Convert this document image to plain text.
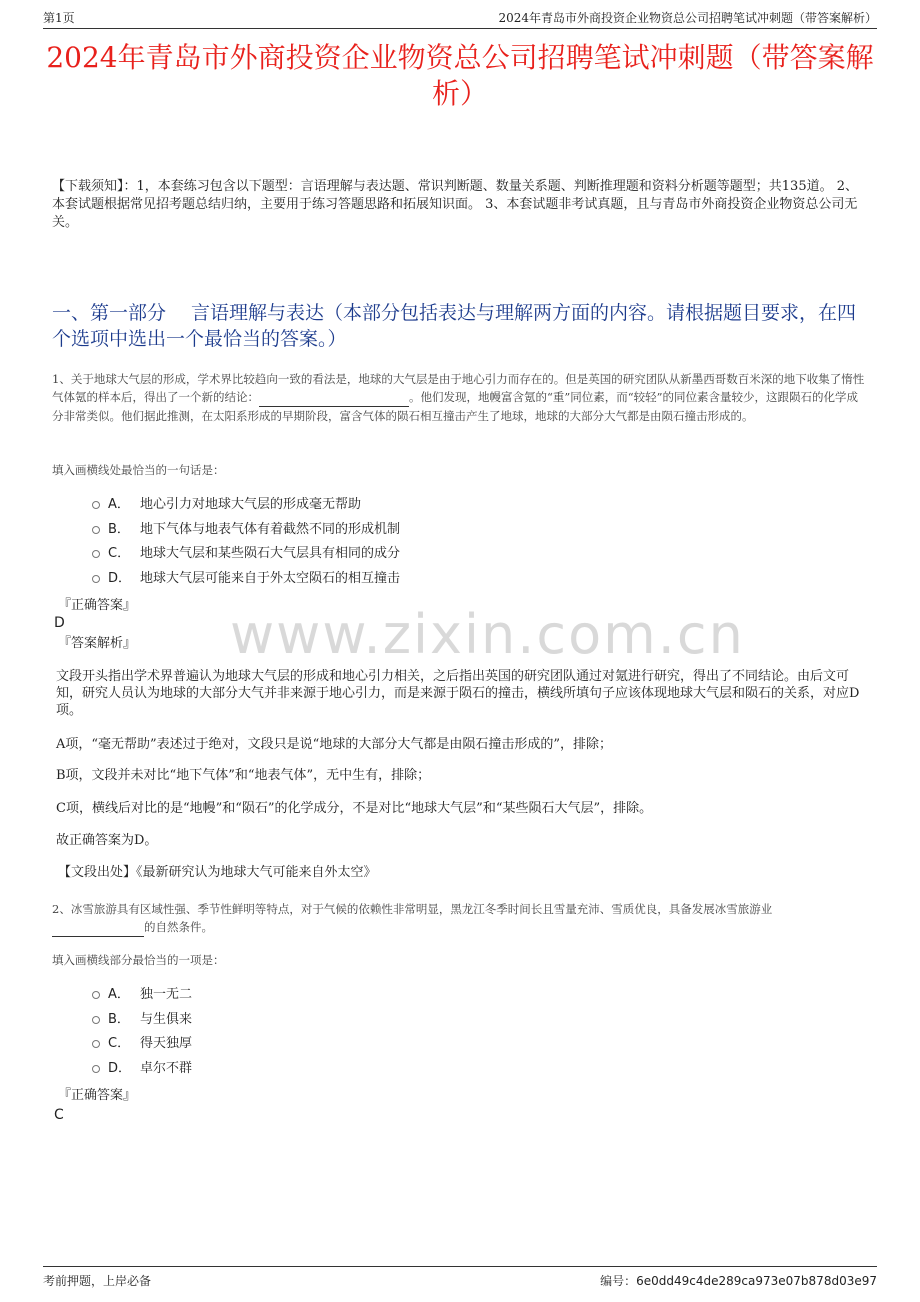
第1页	2024年青岛市外商投资企业物资总公司招聘笔试冲刺题（带答案解析）
2024年青岛市外商投资企业物资总公司招聘笔试冲刺题（带答案解析）
【下载须知】：1，本套练习包含以下题型：言语理解与表达题、常识判断题、数量关系题、判断推理题和资料分析题等题型；共135道。 2、本套试题根据常见招考题总结归纳，主要用于练习答题思路和拓展知识面。 3、本套试题非考试真题，且与青岛市外商投资企业物资总公司无关。
一、第一部分　 言语理解与表达（本部分包括表达与理解两方面的内容。请根据题目要求，在四个选项中选出一个最恰当的答案。）
1、关于地球大气层的形成，学术界比较趋向一致的看法是，地球的大气层是由于地心引力而存在的。但是英国的研究团队从新墨西哥数百米深的地下收集了惰性气体氪的样本后，得出了一个新的结论：	。他们发现，地幔富含氪的“重”同位素，而“较轻”的同位素含量较少，这跟陨石的化学成分非常类似。他们据此推测，在太阳系形成的早期阶段，富含气体的陨石相互撞击产生了地球，地球的大部分大气都是由陨石撞击形成的。
填入画横线处最恰当的一句话是：
A． 地心引力对地球大气层的形成毫无帮助
B． 地下气体与地表气体有着截然不同的形成机制
C． 地球大气层和某些陨石大气层具有相同的成分
D． 地球大气层可能来自于外太空陨石的相互撞击
『正确答案』
D
『答案解析』 www.zixin.com.cn

文段开头指出学术界普遍认为地球大气层的形成和地心引力相关，之后指出英国的研究团队通过对氪进行研究，得出了不同结论。由后文可知，研究人员认为地球的大部分大气并非来源于地心引力，而是来源于陨石的撞击，横线所填句子应该体现地球大气层和陨石的关系，对应D项。

A项，“毫无帮助”表述过于绝对，文段只是说“地球的大部分大气都是由陨石撞击形成的”，排除；

B项，文段并未对比“地下气体”和“地表气体”，无中生有，排除；

C项，横线后对比的是“地幔”和“陨石”的化学成分，不是对比“地球大气层”和“某些陨石大气层”，排除。

故正确答案为D。

【文段出处】《最新研究认为地球大气可能来自外太空》

2、冰雪旅游具有区域性强、季节性鲜明等特点，对于气候的依赖性非常明显，黑龙江冬季时间长且雪量充沛、雪质优良，具备发展冰雪旅游业
的自然条件。
填入画横线部分最恰当的一项是：
A． 独一无二
B． 与生俱来
C． 得天独厚
D． 卓尔不群
『正确答案』
C
考前押题，上岸必备	编号：6e0dd49c4de289ca973e07b878d03e97
